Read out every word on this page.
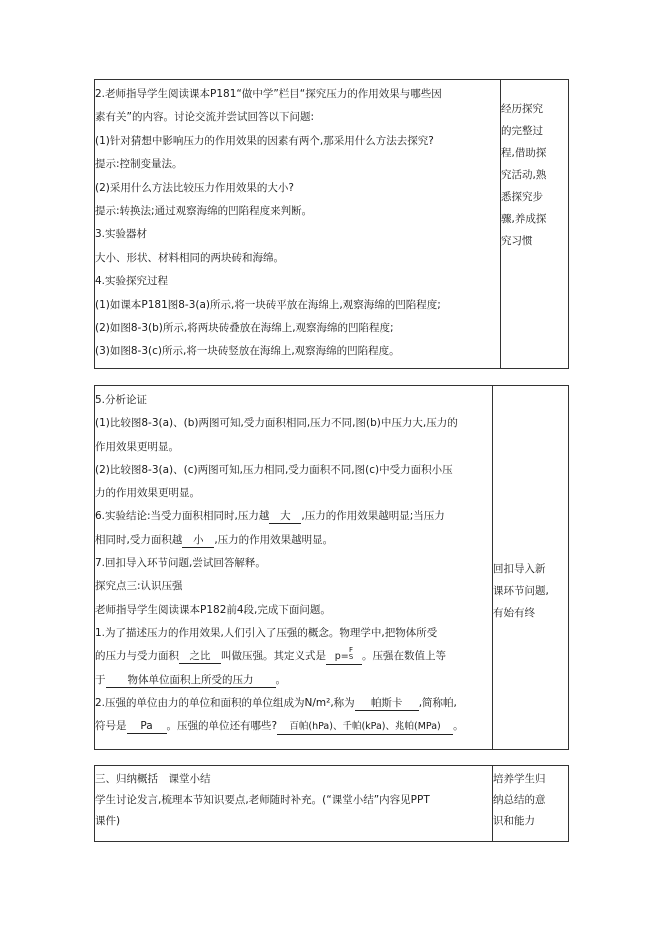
2.老师指导学生阅读课本P181“做中学”栏目“探究压力的作用效果与哪些因
素有关”的内容。讨论交流并尝试回答以下问题:
(1)针对猜想中影响压力的作用效果的因素有两个,那采用什么方法去探究?
提示:控制变量法。
(2)采用什么方法比较压力作用效果的大小?
提示:转换法;通过观察海绵的凹陷程度来判断。
3.实验器材
大小、形状、材料相同的两块砖和海绵。
4.实验探究过程
(1)如课本P181图8-3(a)所示,将一块砖平放在海绵上,观察海绵的凹陷程度;
(2)如图8-3(b)所示,将两块砖叠放在海绵上,观察海绵的凹陷程度;
(3)如图8-3(c)所示,将一块砖竖放在海绵上,观察海绵的凹陷程度。

经历探究
的完整过
程,借助探
究活动,熟
悉探究步
骤,养成探
究习惯
5.分析论证
(1)比较图8-3(a)、(b)两图可知,受力面积相同,压力不同,图(b)中压力大,压力的
作用效果更明显。
(2)比较图8-3(a)、(c)两图可知,压力相同,受力面积不同,图(c)中受力面积小压
力的作用效果更明显。
6.实验结论:当受力面积相同时,压力越 大 ,压力的作用效果越明显;当压力
相同时,受力面积越 小 ,压力的作用效果越明显。
7.回扣导入环节问题,尝试回答解释。
探究点三:认识压强
老师指导学生阅读课本P182前4段,完成下面问题。
1.为了描述压力的作用效果,人们引入了压强的概念。物理学中,把物体所受
的压力与受力面积 之比 叫做压强。其定义式是 p=
F
S 。压强在数值上等
于 物体单位面积上所受的压力 。
2.压强的单位由力的单位和面积的单位组成为N/m²,称为 帕斯卡 ,简称帕,
符号是 Pa 。压强的单位还有哪些? 百帕(hPa)、千帕(kPa)、兆帕(MPa) 。

回扣导入新
课环节问题,
有始有终
三、归纳概括　课堂小结
学生讨论发言,梳理本节知识要点,老师随时补充。(“课堂小结”内容见PPT
课件)

培养学生归
纳总结的意
识和能力
